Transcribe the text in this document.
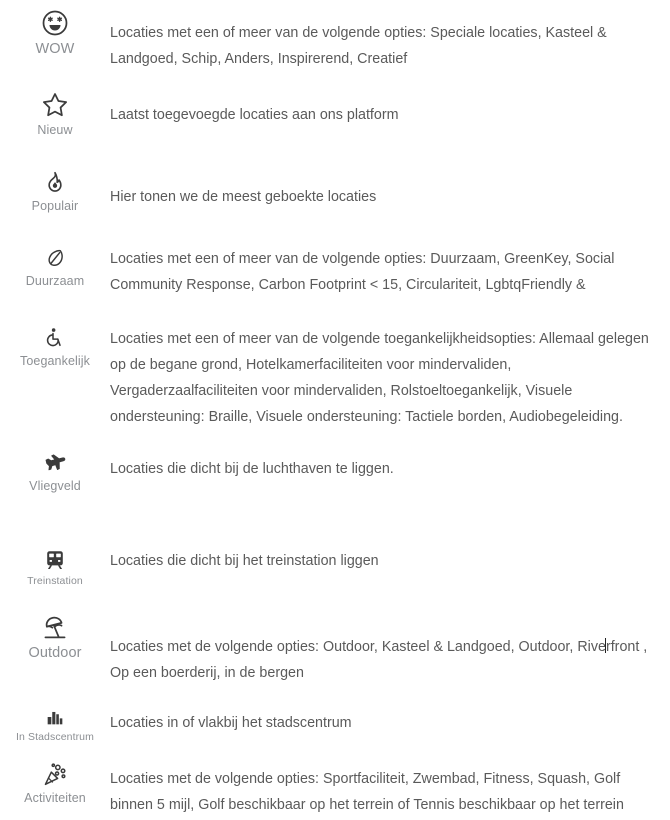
WOW

Locaties met een of meer van de volgende opties: Speciale locaties, Kasteel & Landgoed, Schip, Anders, Inspirerend, Creatief

Nieuw

Laatst toegevoegde locaties aan ons platform

Populair

Hier tonen we de meest geboekte locaties

Duurzaam

Locaties met een of meer van de volgende opties: Duurzaam, GreenKey, Social Community Response, Carbon Footprint < 15, Circulariteit, LgbtqFriendly &

Toegankelijk

Locaties met een of meer van de volgende toegankelijkheidsopties: Allemaal gelegen op de begane grond, Hotelkamerfaciliteiten voor mindervaliden, Vergaderzaalfaciliteiten voor mindervaliden, Rolstoeltoegankelijk, Visuele ondersteuning: Braille, Visuele ondersteuning: Tactiele borden, Audiobegeleiding.

Vliegveld

Locaties die dicht bij de luchthaven te liggen.

Treinstation

Locaties die dicht bij het treinstation liggen

Outdoor Locaties met de volgende opties: Outdoor, Kasteel & Landgoed, Outdoor, Riverfront , Op een boerderij, in de bergen

In Stadscentrum

Locaties in of vlakbij het stadscentrum

Activiteiten

Locaties met de volgende opties: Sportfaciliteit, Zwembad, Fitness, Squash, Golf binnen 5 mijl, Golf beschikbaar op het terrein of Tennis beschikbaar op het terrein
